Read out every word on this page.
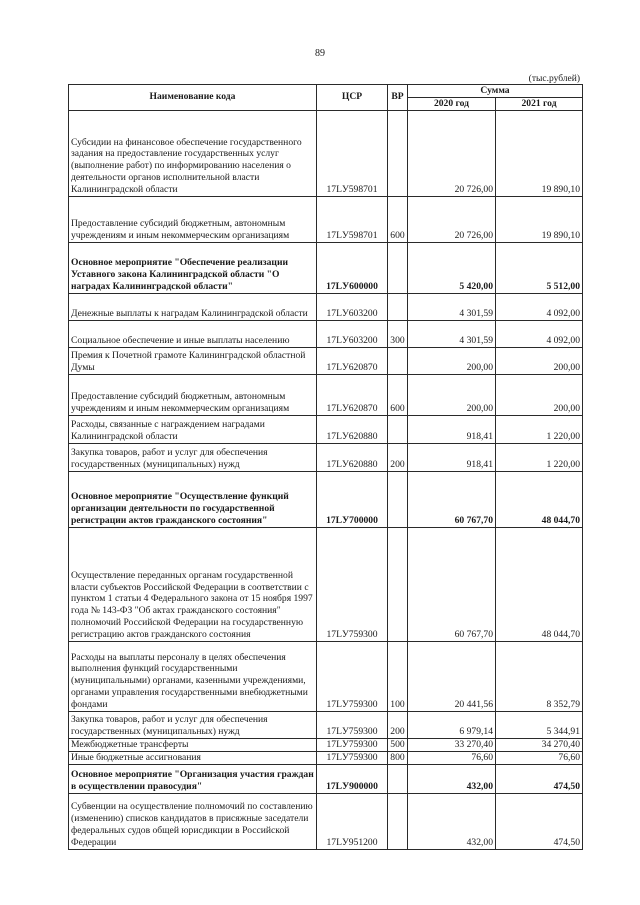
89
(тыс.рублей)
Наименование кода	ЦСР	ВР	Сумма	
			2020 год	2021 год
Субсидии на финансовое обеспечение государственного задания на предоставление государственных услуг (выполнение работ) по информированию населения о деятельности органов исполнительной власти Калининградской области	17LУ598701		20 726,00	19 890,10
Предоставление субсидий бюджетным, автономным учреждениям и иным некоммерческим организациям	17LУ598701	600	20 726,00	19 890,10
Основное мероприятие "Обеспечение реализации Уставного закона Калининградской области "О наградах Калининградской области"	17LУ600000		5 420,00	5 512,00
Денежные выплаты к наградам Калининградской области	17LУ603200		4 301,59	4 092,00
Социальное обеспечение и иные выплаты населению	17LУ603200	300	4 301,59	4 092,00
Премия к Почетной грамоте Калининградской областной Думы	17LУ620870		200,00	200,00
Предоставление субсидий бюджетным, автономным учреждениям и иным некоммерческим организациям	17LУ620870	600	200,00	200,00
Расходы, связанные с награждением наградами Калининградской области	17LУ620880		918,41	1 220,00
Закупка товаров, работ и услуг для обеспечения государственных (муниципальных) нужд	17LУ620880	200	918,41	1 220,00
Основное мероприятие "Осуществление функций организации деятельности по государственной регистрации актов гражданского состояния"	17LУ700000		60 767,70	48 044,70
Осуществление переданных органам государственной власти субъектов Российской Федерации в соответствии с пунктом 1 статьи 4 Федерального закона от 15 ноября 1997 года № 143-ФЗ "Об актах гражданского состояния" полномочий Российской Федерации на государственную регистрацию актов гражданского состояния	17LУ759300		60 767,70	48 044,70
Расходы на выплаты персоналу в целях обеспечения выполнения функций государственными (муниципальными) органами, казенными учреждениями, органами управления государственными внебюджетными фондами	17LУ759300	100	20 441,56	8 352,79
Закупка товаров, работ и услуг для обеспечения государственных (муниципальных) нужд	17LУ759300	200	6 979,14	5 344,91
Межбюджетные трансферты	17LУ759300	500	33 270,40	34 270,40
Иные бюджетные ассигнования	17LУ759300	800	76,60	76,60
Основное мероприятие "Организация участия граждан в осуществлении правосудия"	17LУ900000		432,00	474,50
Субвенции на осуществление полномочий по составлению (изменению) списков кандидатов в присяжные заседатели федеральных судов общей юрисдикции в Российской Федерации	17LУ951200		432,00	474,50
